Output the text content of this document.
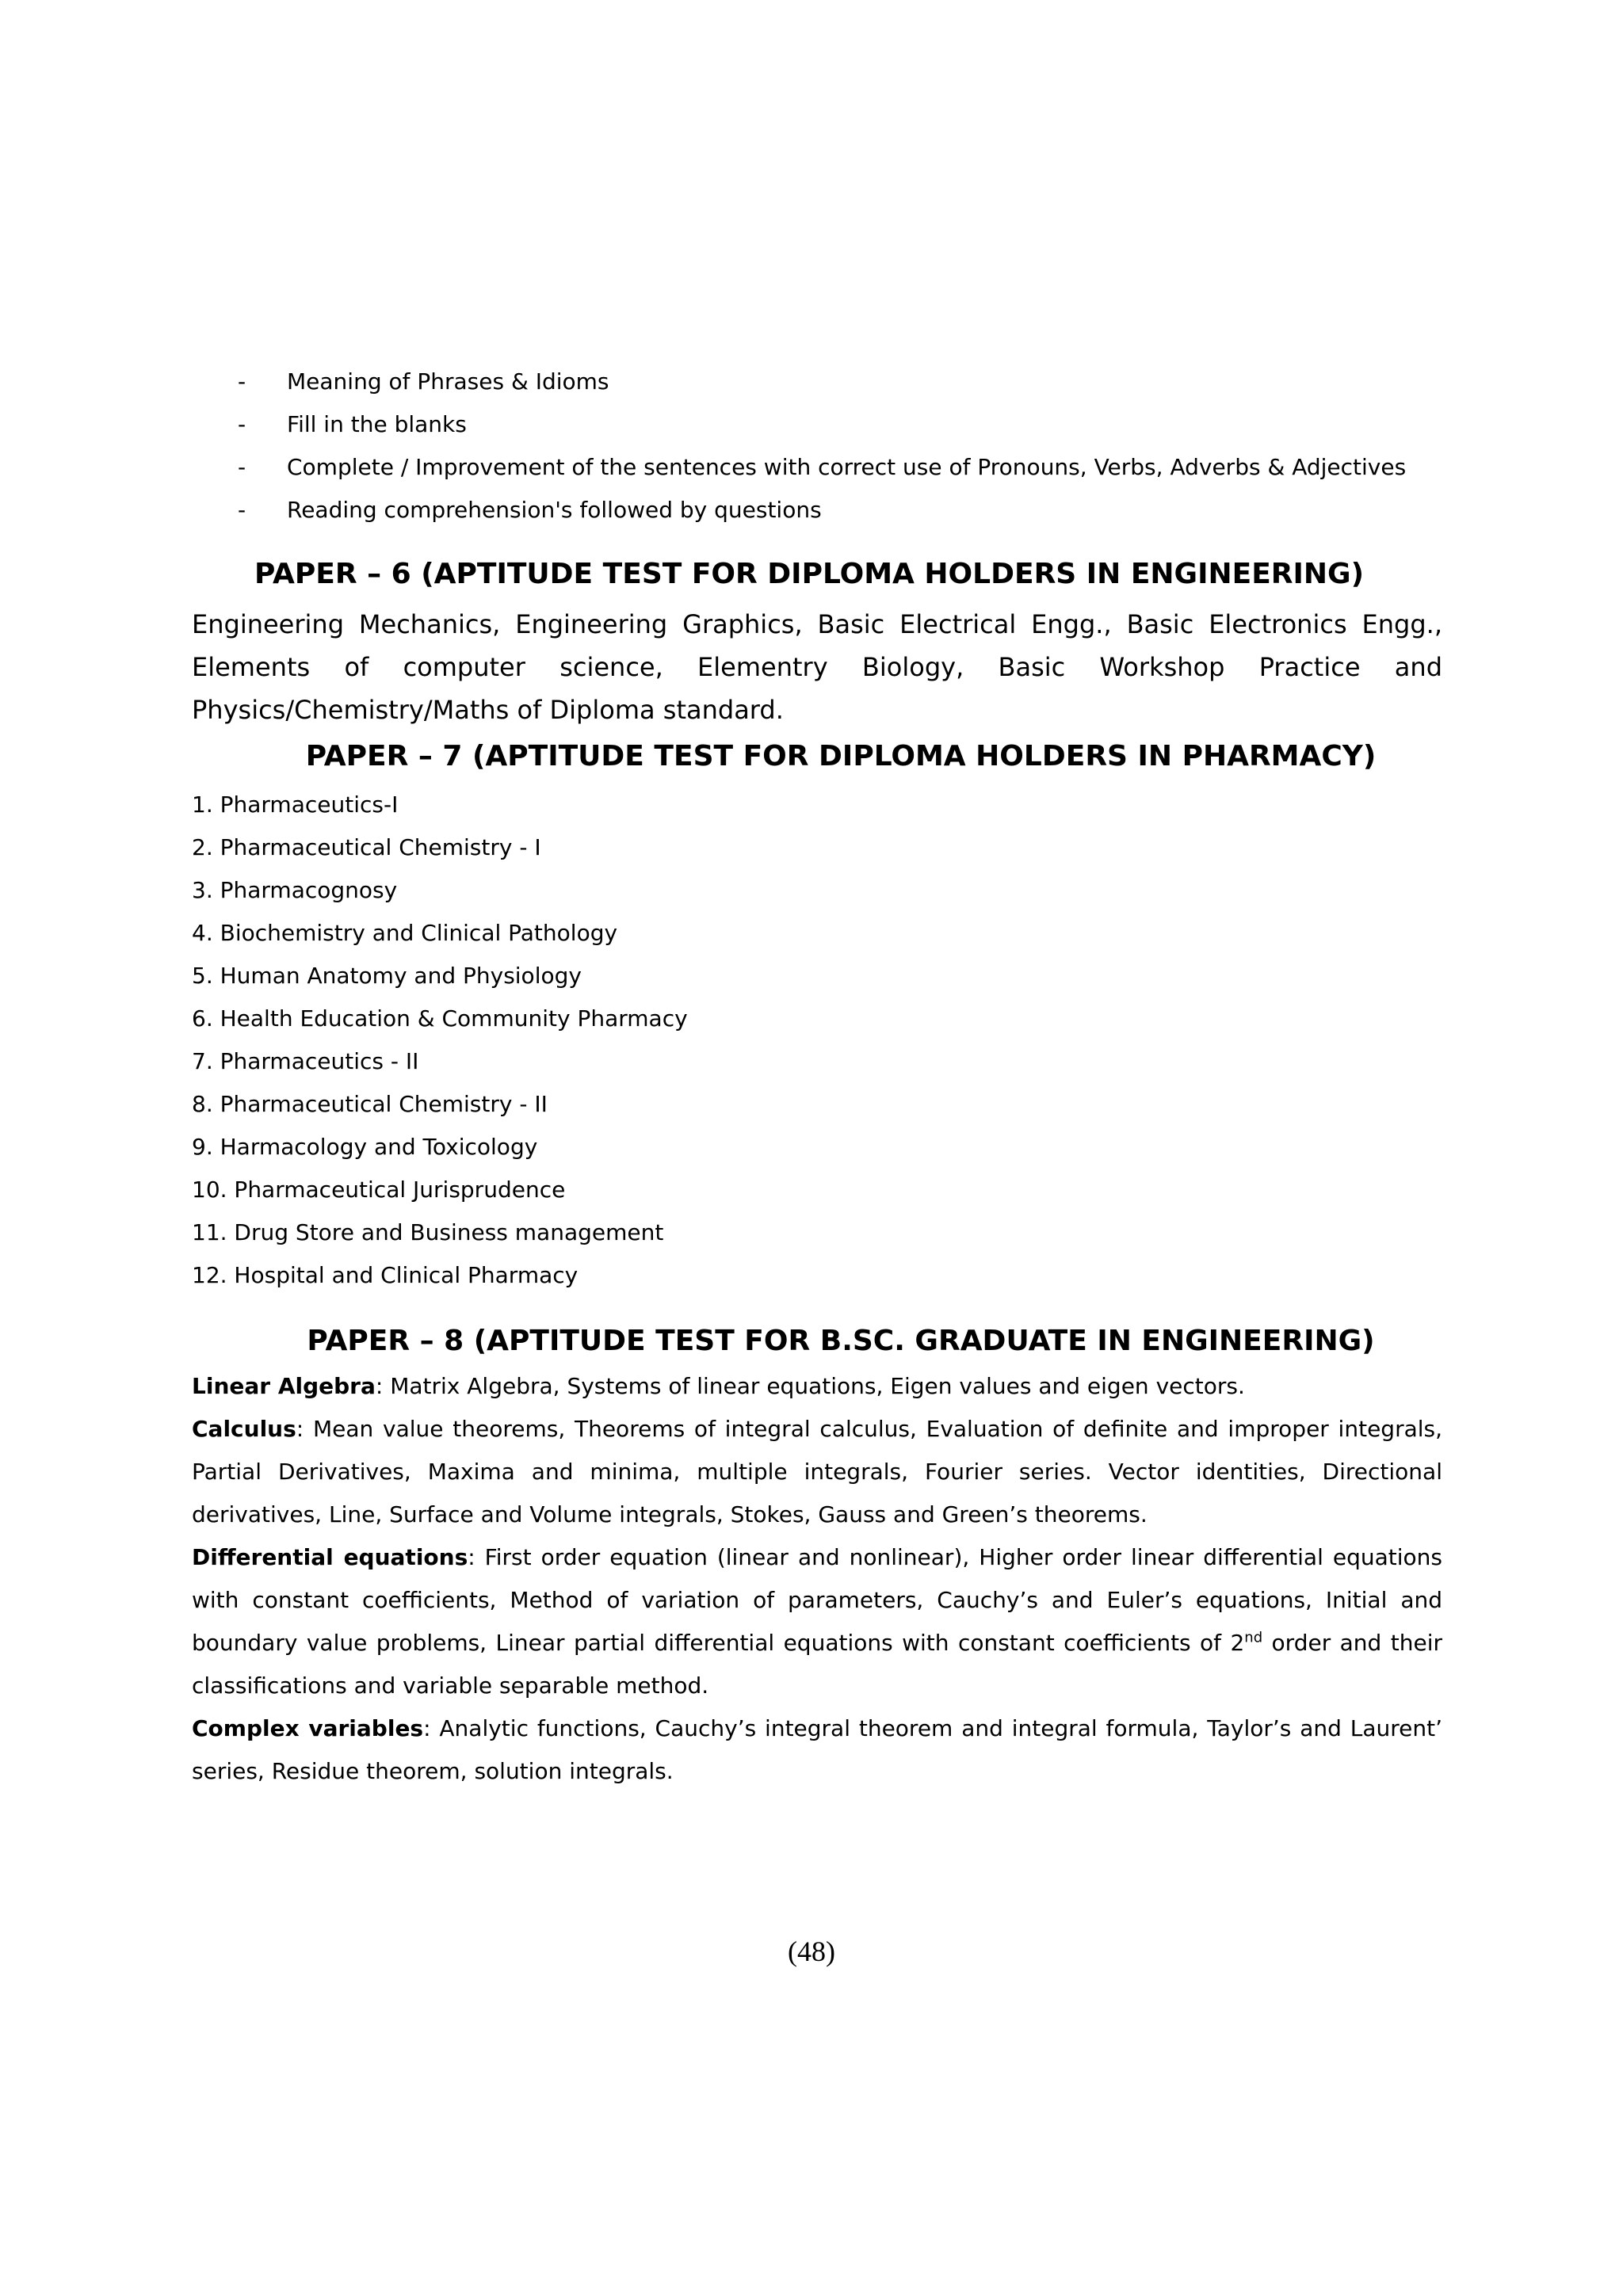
-	Meaning of Phrases & Idioms
-	Fill in the blanks
-	Complete / Improvement of the sentences with correct use of Pronouns, Verbs, Adverbs & Adjectives
-	Reading comprehension's followed by questions
PAPER – 6 (APTITUDE TEST FOR DIPLOMA HOLDERS IN ENGINEERING)

Engineering Mechanics, Engineering Graphics, Basic Electrical Engg., Basic Electronics Engg., Elements of computer science, Elementry Biology, Basic Workshop Practice and Physics/Chemistry/Maths of Diploma standard.

PAPER – 7 (APTITUDE TEST FOR DIPLOMA HOLDERS IN PHARMACY)
1. Pharmaceutics-I
2. Pharmaceutical Chemistry - I
3. Pharmacognosy
4. Biochemistry and Clinical Pathology
5. Human Anatomy and Physiology
6. Health Education & Community Pharmacy
7. Pharmaceutics - II
8. Pharmaceutical Chemistry - II
9. Harmacology and Toxicology
10. Pharmaceutical Jurisprudence
11. Drug Store and Business management
12. Hospital and Clinical Pharmacy
PAPER – 8 (APTITUDE TEST FOR B.SC. GRADUATE IN ENGINEERING)

Linear Algebra: Matrix Algebra, Systems of linear equations, Eigen values and eigen vectors.

Calculus: Mean value theorems, Theorems of integral calculus, Evaluation of definite and improper integrals, Partial Derivatives, Maxima and minima, multiple integrals, Fourier series. Vector identities, Directional derivatives, Line, Surface and Volume integrals, Stokes, Gauss and Green’s theorems.

Differential equations: First order equation (linear and nonlinear), Higher order linear differential equations with constant coefficients, Method of variation of parameters, Cauchy’s and Euler’s equations, Initial and boundary value problems, Linear partial differential equations with constant coefficients of 2nd order and their classifications and variable separable method.

Complex variables: Analytic functions, Cauchy’s integral theorem and integral formula, Taylor’s and Laurent’ series, Residue theorem, solution integrals.

(48)
